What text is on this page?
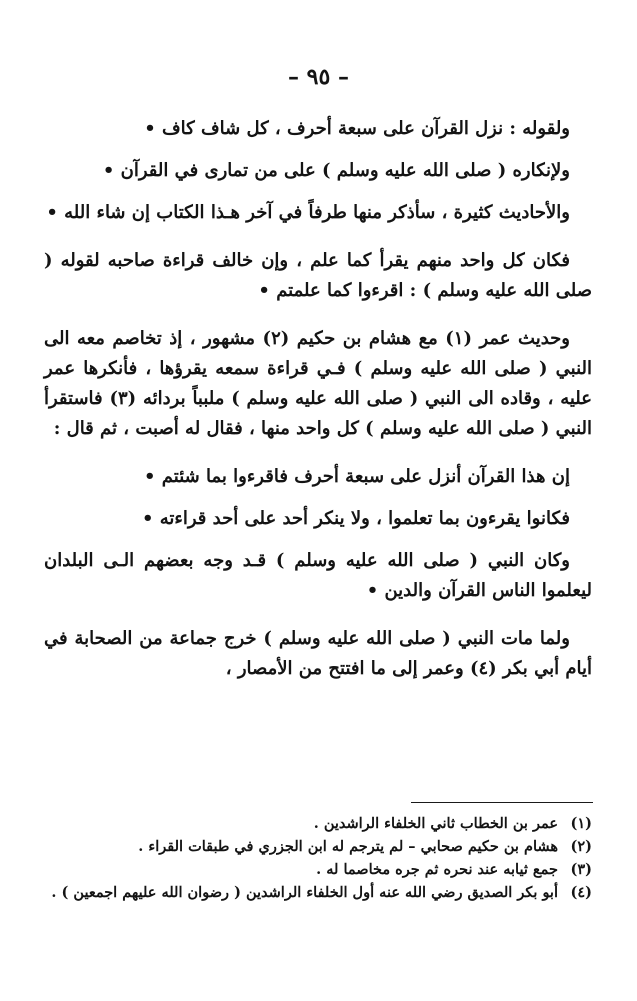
– ٩٥ –

ولقوله : نزل القرآن على سبعة أحرف ، كل شاف كاف •

ولإنكاره ( صلى الله عليه وسلم ) على من تمارى في القرآن •

والأحاديث كثيرة ، سأذكر منها طرفاً في آخر هـذا الكتاب إن شاء الله •

فكان كل واحد منهم يقرأ كما علم ، وإن خالف قراءة صاحبه لقوله ( صلى الله عليه وسلم ) : اقرءوا كما علمتم •

وحديث عمر (١) مع هشام بن حكيم (٢) مشهور ، إذ تخاصم معه الى النبي ( صلى الله عليه وسلم ) فـي قراءة سمعه يقرؤها ، فأنكرها عمر عليه ، وقاده الى النبي ( صلى الله عليه وسلم ) ملبباً بردائه (٣) فاستقرأ النبي ( صلى الله عليه وسلم ) كل واحد منها ، فقال له أصبت ، ثم قال :

إن هذا القرآن أنزل على سبعة أحرف فاقرءوا بما شئتم •

فكانوا يقرءون بما تعلموا ، ولا ينكر أحد على أحد قراءته •

وكان النبي ( صلى الله عليه وسلم ) قـد وجه بعضهم الـى البلدان ليعلموا الناس القرآن والدين •

ولما مات النبي ( صلى الله عليه وسلم ) خرج جماعة من الصحابة في أيام أبي بكر (٤) وعمر إلى ما افتتح من الأمصار ،

(١)
عمر بن الخطاب ثاني الخلفاء الراشدين .

(٢)
هشام بن حكيم صحابي – لم يترجم له ابن الجزري في طبقات القراء .

(٣)
جمع ثيابه عند نحره ثم جره مخاصما له .

(٤)
أبو بكر الصديق رضي الله عنه أول الخلفاء الراشدين ( رضوان الله عليهم اجمعين ) .
